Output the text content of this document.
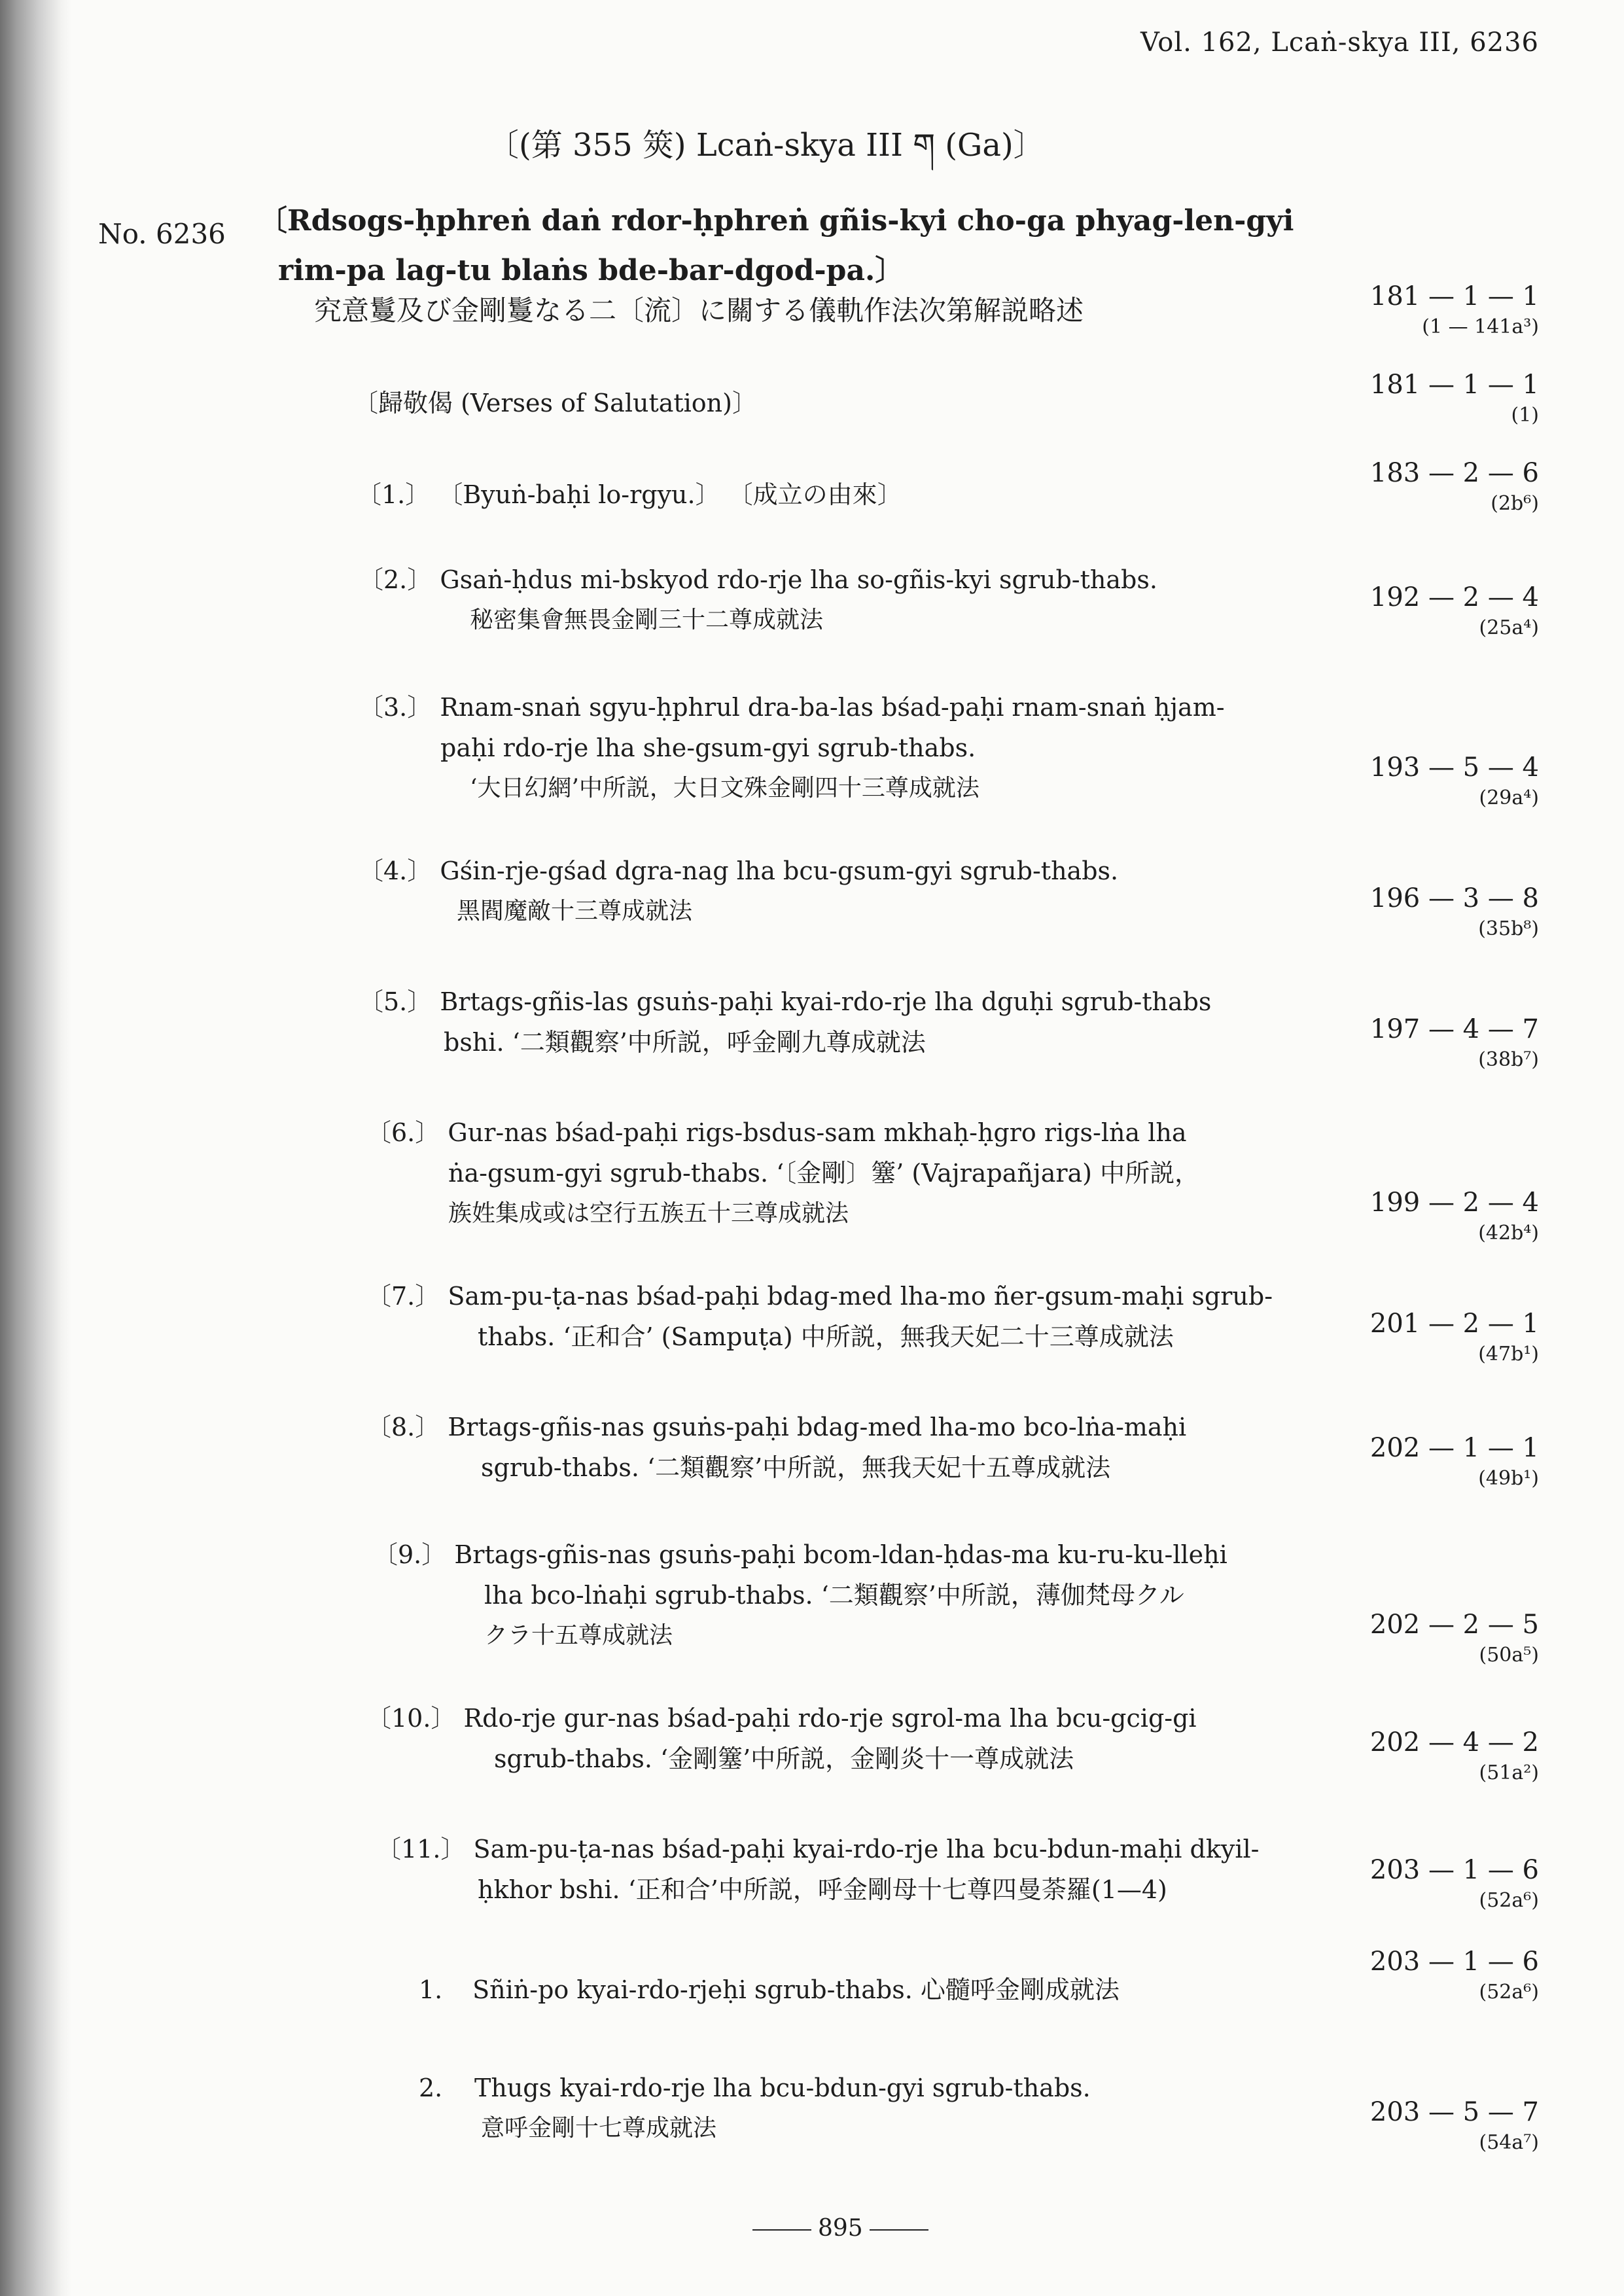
Vol. 162, Lcaṅ-skya III, 6236
〔(第 355 筴) Lcaṅ-skya III ག (Ga)〕
No. 6236 〔Rdsogs-ḥphreṅ daṅ rdor-ḥphreṅ gñis-kyi cho-ga phyag-len-gyi
rim-pa lag-tu blaṅs bde-bar-dgod-pa.〕
究意鬘及び金剛鬘なる二〔流〕に關する儀軌作法次第解説略述	181 — 1 — 1
(1 — 141a³)
〔歸敬偈 (Verses of Salutation)〕
181 — 1 — 1
(1)
〔1.〕 〔Byuṅ-baḥi lo-rgyu.〕 〔成立の由來〕
183 — 2 — 6
(2b⁶)
〔2.〕 Gsaṅ-ḥdus mi-bskyod rdo-rje lha so-gñis-kyi sgrub-thabs.
秘密集會無畏金剛三十二尊成就法
192 — 2 — 4
(25a⁴)
〔3.〕 Rnam-snaṅ sgyu-ḥphrul dra-ba-las bśad-paḥi rnam-snaṅ ḥjam-
paḥi rdo-rje lha she-gsum-gyi sgrub-thabs.
‘大日幻網’中所説，大日文殊金剛四十三尊成就法
193 — 5 — 4
(29a⁴)
〔4.〕 Gśin-rje-gśad dgra-nag lha bcu-gsum-gyi sgrub-thabs.
黑閻魔敵十三尊成就法	196 — 3 — 8
(35b⁸)
〔5.〕 Brtags-gñis-las gsuṅs-paḥi kyai-rdo-rje lha dguḥi sgrub-thabs
bshi. ‘二類觀察’中所説，呼金剛九尊成就法	197 — 4 — 7
(38b⁷)
〔6.〕 Gur-nas bśad-paḥi rigs-bsdus-sam mkhaḥ-ḥgro rigs-lṅa lha
ṅa-gsum-gyi sgrub-thabs. ‘〔金剛〕簺’ (Vajrapañjara) 中所説，
族姓集成或は空行五族五十三尊成就法	199 — 2 — 4
(42b⁴)
〔7.〕 Sam-pu-ṭa-nas bśad-paḥi bdag-med lha-mo ñer-gsum-maḥi sgrub-
thabs. ‘正和合’ (Sampuṭa) 中所説，無我天妃二十三尊成就法	201 — 2 — 1
(47b¹)
〔8.〕 Brtags-gñis-nas gsuṅs-paḥi bdag-med lha-mo bco-lṅa-maḥi
sgrub-thabs. ‘二類觀察’中所説，無我天妃十五尊成就法
202 — 1 — 1
(49b¹)
〔9.〕 Brtags-gñis-nas gsuṅs-paḥi bcom-ldan-ḥdas-ma ku-ru-ku-lleḥi
lha bco-lṅaḥi sgrub-thabs. ‘二類觀察’中所説，薄伽梵母クル
クラ十五尊成就法	202 — 2 — 5
(50a⁵)
〔10.〕 Rdo-rje gur-nas bśad-paḥi rdo-rje sgrol-ma lha bcu-gcig-gi
sgrub-thabs. ‘金剛簺’中所説，金剛炎十一尊成就法
202 — 4 — 2
(51a²)
〔11.〕 Sam-pu-ṭa-nas bśad-paḥi kyai-rdo-rje lha bcu-bdun-maḥi dkyil-
ḥkhor bshi. ‘正和合’中所説，呼金剛母十七尊四曼荼羅(1—4)
203 — 1 — 6
(52a⁶)
1. Sñiṅ-po kyai-rdo-rjeḥi sgrub-thabs. 心髓呼金剛成就法
203 — 1 — 6
(52a⁶)
2. Thugs kyai-rdo-rje lha bcu-bdun-gyi sgrub-thabs.
意呼金剛十七尊成就法
203 — 5 — 7
(54a⁷)
895
